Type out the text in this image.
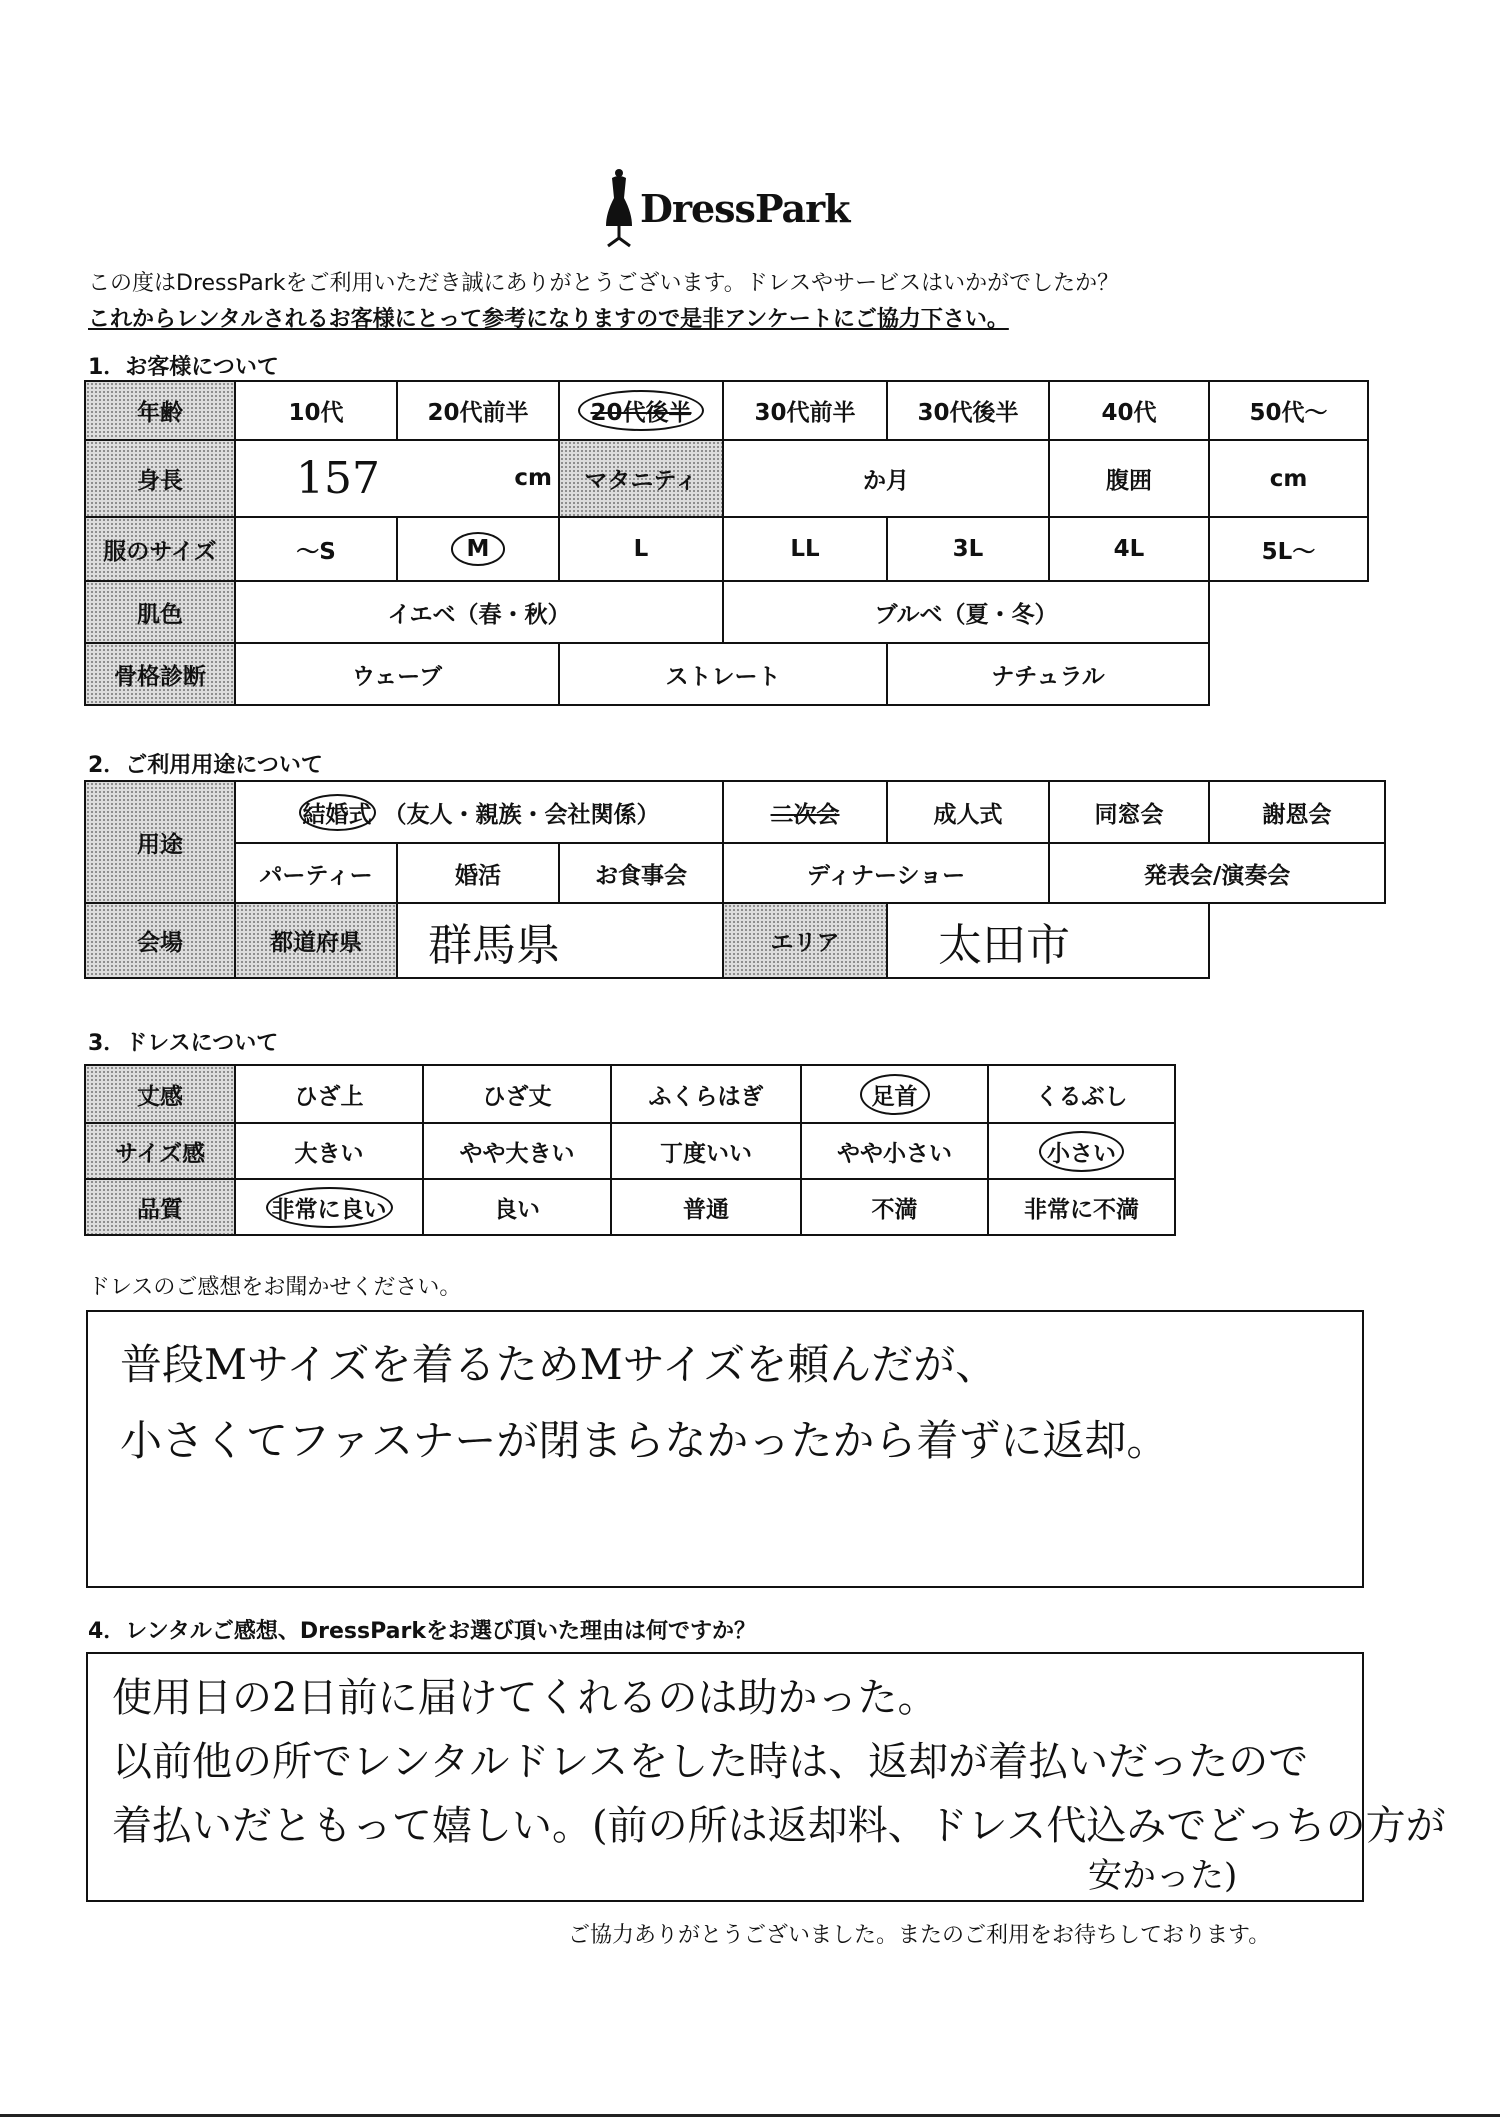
DressPark
この度はDressParkをご利用いただき誠にありがとうございます。ドレスやサービスはいかがでしたか？
これからレンタルされるお客様にとって参考になりますので是非アンケートにご協力下さい。
1．お客様について
年齢	10代	20代前半	20代後半	30代前半	30代後半	40代	50代〜
身長	157 cm		マタニティ	か月		腹囲	cm
服のサイズ	〜S	M	L	LL	3L	4L	5L〜
肌色	イエベ（春・秋）			ブルベ（夏・冬）			
骨格診断	ウェーブ		ストレート		ナチュラル		
2．ご利用用途について
用途	結婚式 （友人・親族・会社関係）			二次会	成人式	同窓会	謝恩会
	パーティー	婚活	お食事会	ディナーショー		発表会/演奏会	
会場	都道府県	群馬県		エリア	太田市		
3．ドレスについて
丈感	ひざ上	ひざ丈	ふくらはぎ	足首	くるぶし
サイズ感	大きい	やや大きい	丁度いい	やや小さい	小さい
品質	非常に良い	良い	普通	不満	非常に不満
ドレスのご感想をお聞かせください。
普段Mサイズを着るためMサイズを頼んだが、
小さくてファスナーが閉まらなかったから着ずに返却。
4．レンタルご感想、DressParkをお選び頂いた理由は何ですか？
使用日の2日前に届けてくれるのは助かった。
以前他の所でレンタルドレスをした時は、返却が着払いだったので
着払いだともって嬉しい。(前の所は返却料、ドレス代込みでどっちの方が
安かった)
ご協力ありがとうございました。またのご利用をお待ちしております。
